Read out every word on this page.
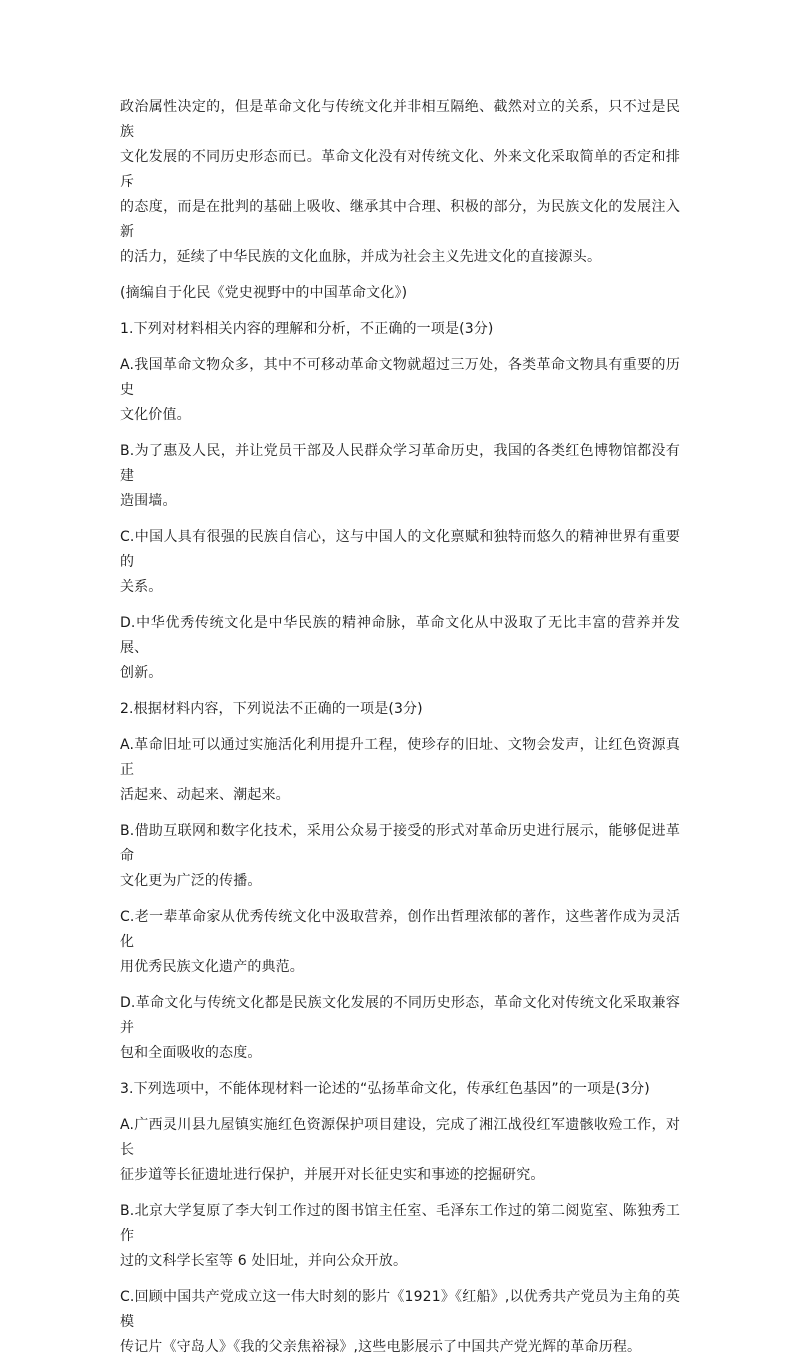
政治属性决定的，但是革命文化与传统文化并非相互隔绝、截然对立的关系，只不过是民族
文化发展的不同历史形态而已。革命文化没有对传统文化、外来文化采取简单的否定和排斥
的态度，而是在批判的基础上吸收、继承其中合理、积极的部分，为民族文化的发展注入新
的活力，延续了中华民族的文化血脉，并成为社会主义先进文化的直接源头。

(摘编自于化民《党史视野中的中国革命文化》)

1.下列对材料相关内容的理解和分析，不正确的一项是(3分)

A.我国革命文物众多，其中不可移动革命文物就超过三万处，各类革命文物具有重要的历史
文化价值。

B.为了惠及人民，并让党员干部及人民群众学习革命历史，我国的各类红色博物馆都没有建
造围墙。

C.中国人具有很强的民族自信心，这与中国人的文化禀赋和独特而悠久的精神世界有重要的
关系。

D.中华优秀传统文化是中华民族的精神命脉，革命文化从中汲取了无比丰富的营养并发展、
创新。

2.根据材料内容，下列说法不正确的一项是(3分)

A.革命旧址可以通过实施活化利用提升工程，使珍存的旧址、文物会发声，让红色资源真正
活起来、动起来、潮起来。

B.借助互联网和数字化技术，采用公众易于接受的形式对革命历史进行展示，能够促进革命
文化更为广泛的传播。

C.老一辈革命家从优秀传统文化中汲取营养，创作出哲理浓郁的著作，这些著作成为灵活化
用优秀民族文化遗产的典范。

D.革命文化与传统文化都是民族文化发展的不同历史形态，革命文化对传统文化采取兼容并
包和全面吸收的态度。

3.下列选项中，不能体现材料一论述的“弘扬革命文化，传承红色基因”的一项是(3分)

A.广西灵川县九屋镇实施红色资源保护项目建设，完成了湘江战役红军遗骸收殓工作，对长
征步道等长征遗址进行保护，并展开对长征史实和事迹的挖掘研究。

B.北京大学复原了李大钊工作过的图书馆主任室、毛泽东工作过的第二阅览室、陈独秀工作
过的文科学长室等 6 处旧址，并向公众开放。

C.回顾中国共产党成立这一伟大时刻的影片《1921》《红船》,以优秀共产党员为主角的英模
传记片《守岛人》《我的父亲焦裕禄》,这些电影展示了中国共产党光辉的革命历程。
